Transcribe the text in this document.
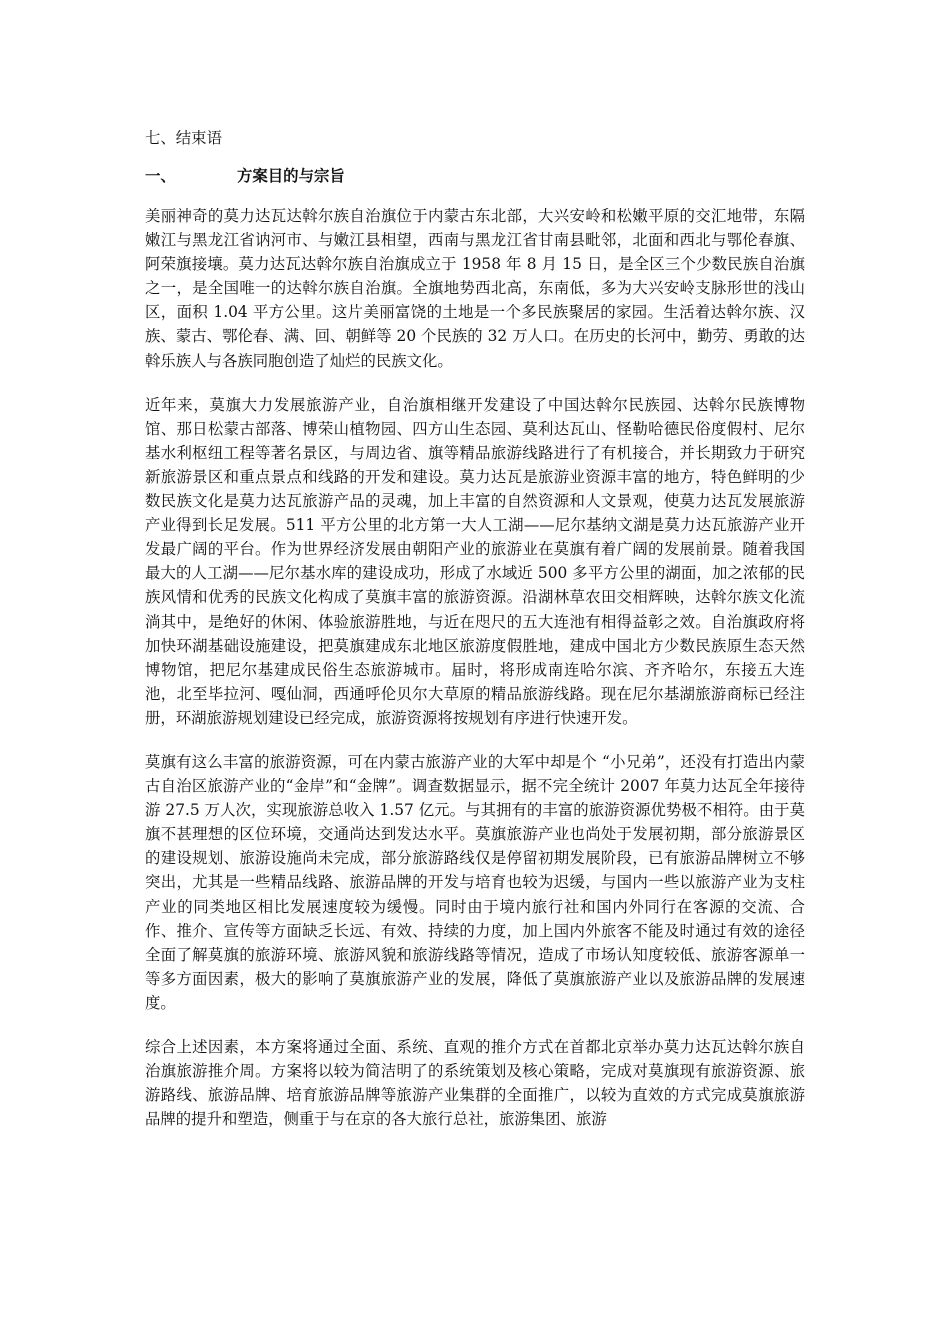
七、结束语

一、	方案目的与宗旨

美丽神奇的莫力达瓦达斡尔族自治旗位于内蒙古东北部，大兴安岭和松嫩平原的交汇地带，东隔嫩江与黑龙江省讷河市、与嫩江县相望，西南与黑龙江省甘南县毗邻，北面和西北与鄂伦春旗、阿荣旗接壤。莫力达瓦达斡尔族自治旗成立于 1958 年 8 月 15 日，是全区三个少数民族自治旗之一，是全国唯一的达斡尔族自治旗。全旗地势西北高，东南低，多为大兴安岭支脉形世的浅山区，面积 1.04 平方公里。这片美丽富饶的土地是一个多民族聚居的家园。生活着达斡尔族、汉族、蒙古、鄂伦春、满、回、朝鲜等 20 个民族的 32 万人口。在历史的长河中，勤劳、勇敢的达斡乐族人与各族同胞创造了灿烂的民族文化。

近年来，莫旗大力发展旅游产业，自治旗相继开发建设了中国达斡尔民族园、达斡尔民族博物馆、那日松蒙古部落、博荣山植物园、四方山生态园、莫利达瓦山、怪勒哈德民俗度假村、尼尔基水利枢纽工程等著名景区，与周边省、旗等精品旅游线路进行了有机接合，并长期致力于研究新旅游景区和重点景点和线路的开发和建设。莫力达瓦是旅游业资源丰富的地方，特色鲜明的少数民族文化是莫力达瓦旅游产品的灵魂，加上丰富的自然资源和人文景观，使莫力达瓦发展旅游产业得到长足发展。511 平方公里的北方第一大人工湖——尼尔基纳文湖是莫力达瓦旅游产业开发最广阔的平台。作为世界经济发展由朝阳产业的旅游业在莫旗有着广阔的发展前景。随着我国最大的人工湖——尼尔基水库的建设成功，形成了水域近 500 多平方公里的湖面，加之浓郁的民族风情和优秀的民族文化构成了莫旗丰富的旅游资源。沿湖林草农田交相辉映，达斡尔族文化流淌其中，是绝好的休闲、体验旅游胜地，与近在咫尺的五大连池有相得益彰之效。自治旗政府将加快环湖基础设施建设，把莫旗建成东北地区旅游度假胜地，建成中国北方少数民族原生态天然博物馆，把尼尔基建成民俗生态旅游城市。届时，将形成南连哈尔滨、齐齐哈尔，东接五大连池，北至毕拉河、嘎仙洞，西通呼伦贝尔大草原的精品旅游线路。现在尼尔基湖旅游商标已经注册，环湖旅游规划建设已经完成，旅游资源将按规划有序进行快速开发。

莫旗有这么丰富的旅游资源，可在内蒙古旅游产业的大军中却是个 “小兄弟”，还没有打造出内蒙古自治区旅游产业的“金岸”和“金牌”。调查数据显示，据不完全统计 2007 年莫力达瓦全年接待游 27.5 万人次，实现旅游总收入 1.57 亿元。与其拥有的丰富的旅游资源优势极不相符。由于莫旗不甚理想的区位环境，交通尚达到发达水平。莫旗旅游产业也尚处于发展初期，部分旅游景区的建设规划、旅游设施尚未完成，部分旅游路线仅是停留初期发展阶段，已有旅游品牌树立不够突出，尤其是一些精品线路、旅游品牌的开发与培育也较为迟缓，与国内一些以旅游产业为支柱产业的同类地区相比发展速度较为缓慢。同时由于境内旅行社和国内外同行在客源的交流、合作、推介、宣传等方面缺乏长远、有效、持续的力度，加上国内外旅客不能及时通过有效的途径全面了解莫旗的旅游环境、旅游风貌和旅游线路等情况，造成了市场认知度较低、旅游客源单一等多方面因素，极大的影响了莫旗旅游产业的发展，降低了莫旗旅游产业以及旅游品牌的发展速度。

综合上述因素，本方案将通过全面、系统、直观的推介方式在首都北京举办莫力达瓦达斡尔族自治旗旅游推介周。方案将以较为简洁明了的系统策划及核心策略，完成对莫旗现有旅游资源、旅游路线、旅游品牌、培育旅游品牌等旅游产业集群的全面推广，以较为直效的方式完成莫旗旅游品牌的提升和塑造，侧重于与在京的各大旅行总社，旅游集团、旅游
